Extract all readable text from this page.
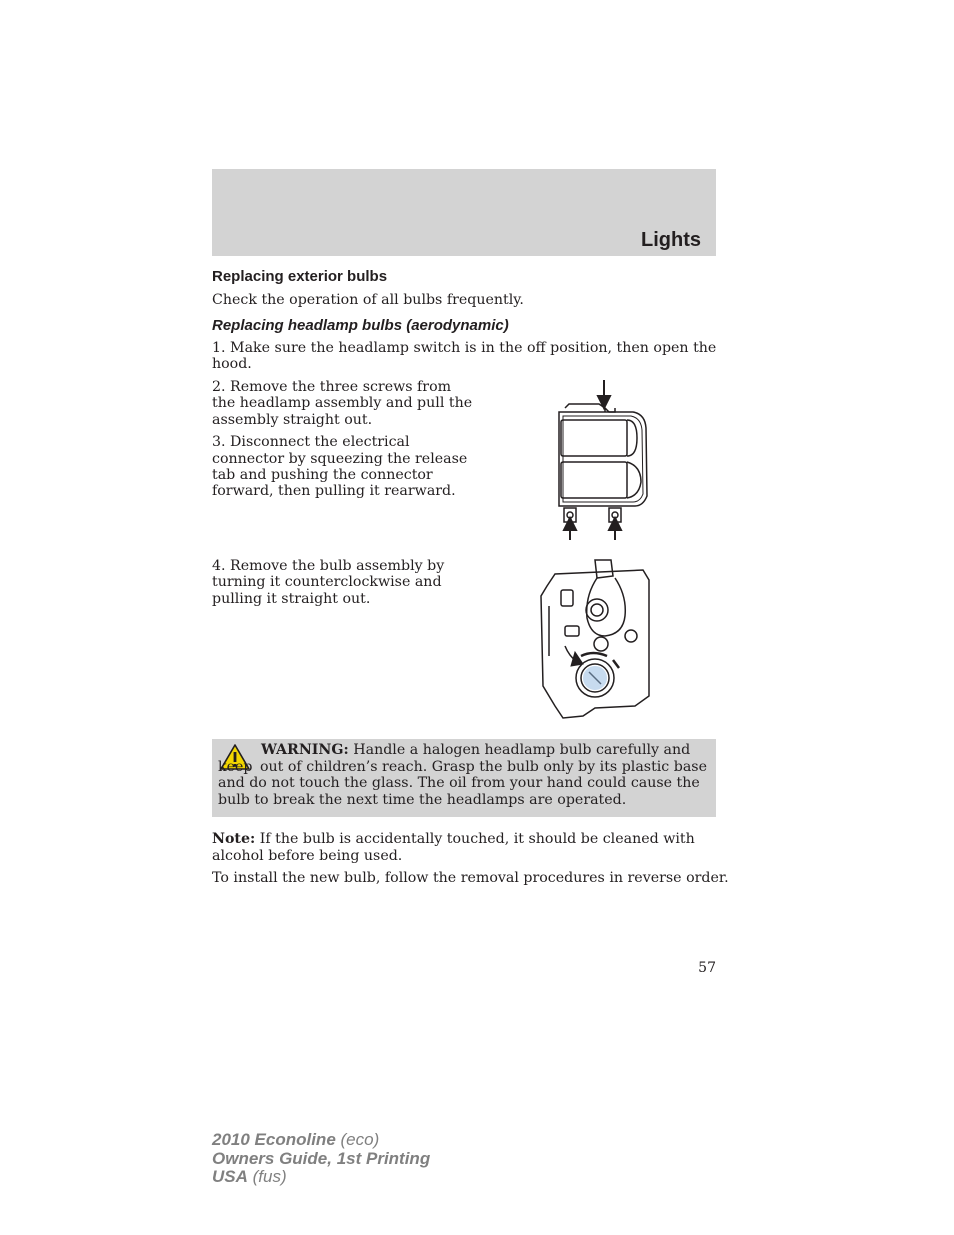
Lights
Replacing exterior bulbs
Check the operation of all bulbs frequently.
Replacing headlamp bulbs (aerodynamic)
1. Make sure the headlamp switch is in the off position, then open the
hood.
2. Remove the three screws from
the headlamp assembly and pull the
assembly straight out.
3. Disconnect the electrical
connector by squeezing the release
tab and pushing the connector
forward, then pulling it rearward.
4. Remove the bulb assembly by
turning it counterclockwise and
pulling it straight out.
WARNING: Handle a halogen headlamp bulb carefully and keep out of children’s reach. Grasp the bulb only by its plastic base
and do not touch the glass. The oil from your hand could cause the
bulb to break the next time the headlamps are operated.
Note: If the bulb is accidentally touched, it should be cleaned with
alcohol before being used.
To install the new bulb, follow the removal procedures in reverse order.
57
2010 Econoline (eco)
Owners Guide, 1st Printing
USA (fus)
